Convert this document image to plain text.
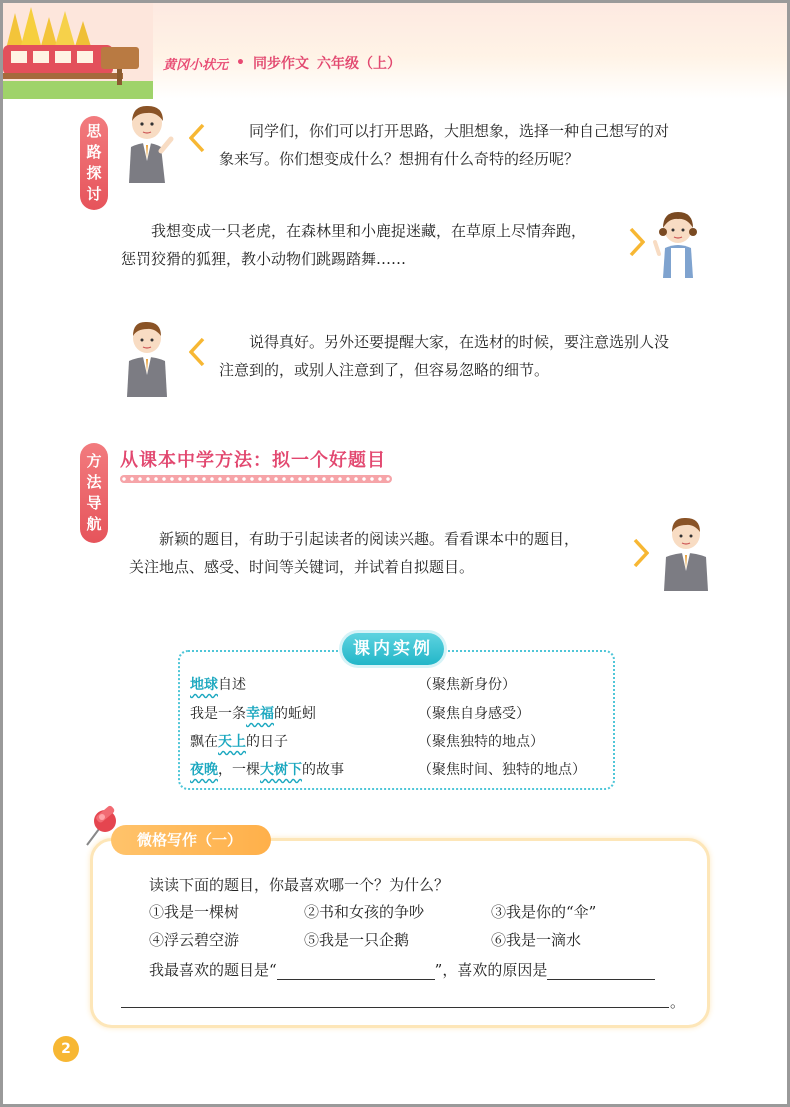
黄冈小状元 • 同步作文 六年级（上）
思
路
探
讨
同学们，你们可以打开思路，大胆想象，选择一种自己想写的对
象来写。你们想变成什么？想拥有什么奇特的经历呢？
我想变成一只老虎，在森林里和小鹿捉迷藏，在草原上尽情奔跑，
惩罚狡猾的狐狸，教小动物们跳踢踏舞……
说得真好。另外还要提醒大家，在选材的时候，要注意选别人没
注意到的，或别人注意到了，但容易忽略的细节。
方
法
导
航
从课本中学方法：拟一个好题目
新颖的题目，有助于引起读者的阅读兴趣。看看课本中的题目，
关注地点、感受、时间等关键词，并试着自拟题目。
课内实例
地球自述	（聚焦新身份）
我是一条幸福的蚯蚓	（聚焦自身感受）
飘在天上的日子	（聚焦独特的地点）
夜晚，一棵大树下的故事	（聚焦时间、独特的地点）
微格写作（一）
读读下面的题目，你最喜欢哪一个？为什么？
①我是一棵树	②书和女孩的争吵	③我是你的“伞”
④浮云碧空游	⑤我是一只企鹅	⑥我是一滴水
我最喜欢的题目是“	”，喜欢的原因是
。
2
